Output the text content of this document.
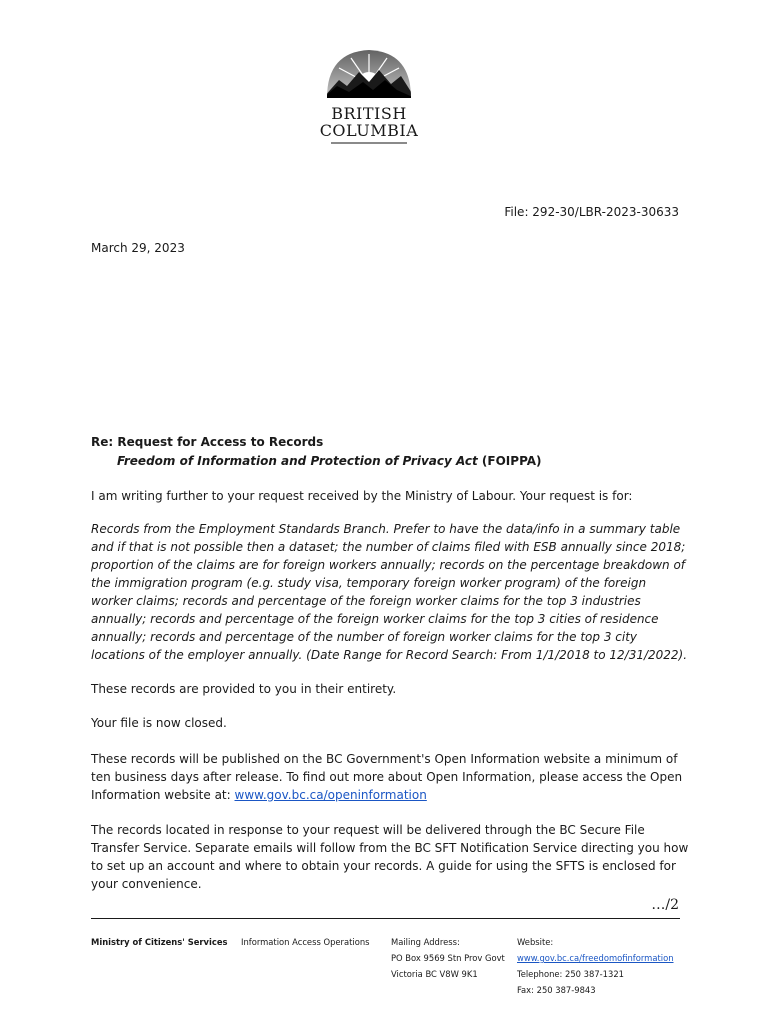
BRITISH
COLUMBIA
File: 292-30/LBR-2023-30633
March 29, 2023
Re: Request for Access to Records
Freedom of Information and Protection of Privacy Act (FOIPPA)

I am writing further to your request received by the Ministry of Labour. Your request is for:

Records from the Employment Standards Branch. Prefer to have the data/info in a summary table and if that is not possible then a dataset; the number of claims filed with ESB annually since 2018; proportion of the claims are for foreign workers annually; records on the percentage breakdown of the immigration program (e.g. study visa, temporary foreign worker program) of the foreign worker claims; records and percentage of the foreign worker claims for the top 3 industries annually; records and percentage of the foreign worker claims for the top 3 cities of residence annually; records and percentage of the number of foreign worker claims for the top 3 city locations of the employer annually. (Date Range for Record Search: From 1/1/2018 to 12/31/2022).

These records are provided to you in their entirety.

Your file is now closed.

These records will be published on the BC Government's Open Information website a minimum of ten business days after release. To find out more about Open Information, please access the Open Information website at: www.gov.bc.ca/openinformation

The records located in response to your request will be delivered through the BC Secure File Transfer Service. Separate emails will follow from the BC SFT Notification Service directing you how to set up an account and where to obtain your records. A guide for using the SFTS is enclosed for your convenience.

…/2
Ministry of Citizens' Services Information Access Operations	Mailing Address:
PO Box 9569 Stn Prov Govt
Victoria BC V8W 9K1
Website:
www.gov.bc.ca/freedomofinformation
Telephone: 250 387-1321
Fax: 250 387-9843
